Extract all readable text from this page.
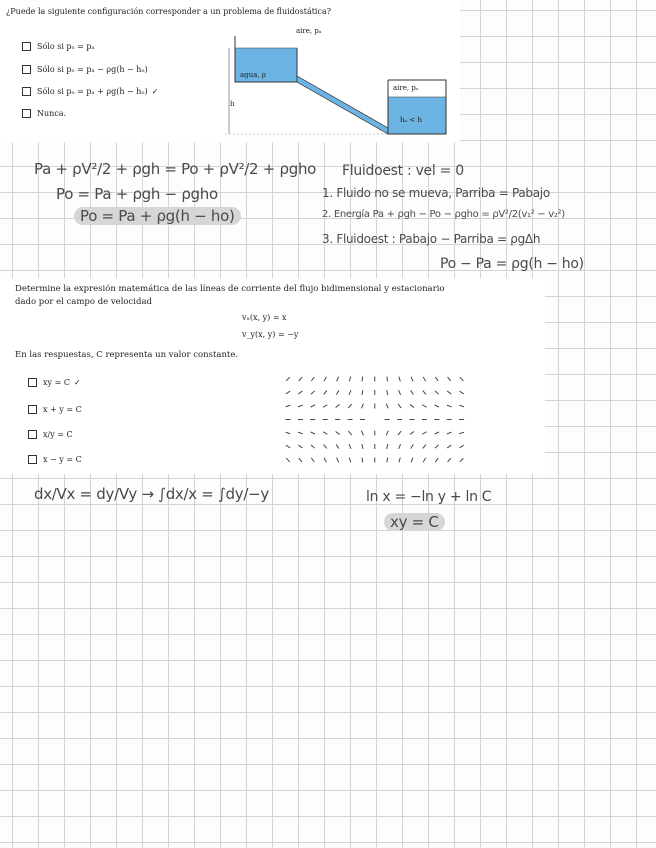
¿Puede la siguiente configuración corresponder a un problema de fluidostática?
Sólo si pₒ = pₐ
Sólo si pₒ = pₐ − ρg(h − hₒ)
Sólo si pₒ = pₐ + ρg(h − hₒ) ✓
Nunca.
aire, pₐ
agua, ρ
aire, pₒ
h
hₒ < h
Pa + ρV²/2 + ρgh = Po + ρV²/2 + ρgho
Po = Pa + ρgh − ρgho
Po = Pa + ρg(h − ho)
Fluidoest : vel = 0
1. Fluido no se mueva, Parriba = Pabajo
2. Energía Pa + ρgh − Po − ρgho = ρV²/2(v₁² − v₂²)
3. Fluidoest : Pabajo − Parriba = ρgΔh
Po − Pa = ρg(h − ho)
Determine la expresión matemática de las líneas de corriente del flujo bidimensional y estacionario
dado por el campo de velocidad
vₓ(x, y) = x
v_y(x, y) = −y
En las respuestas, C representa un valor constante.
xy = C ✓
x + y = C
x/y = C
x − y = C
dx/Vx = dy/Vy → ∫dx/x = ∫dy/−y	ln x = −ln y + ln C
xy = C
